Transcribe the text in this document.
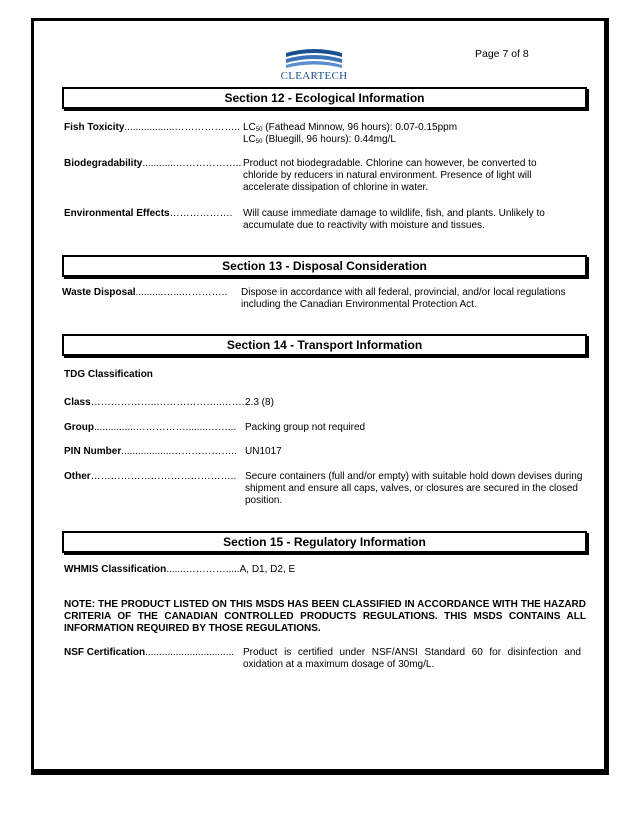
Page 7 of 8
CLEARTECH
Section 12 - Ecological Information
Fish Toxicity..................……………….. $LC_{50}$ (Fathead Minnow, 96 hours): 0.07-0.15ppm
$LC_{50}$ (Bluegill, 96 hours): 0.44mg/L
Biodegradability............……………….. Product not biodegradable. Chlorine can however, be converted to chloride by reducers in natural environment. Presence of light will accelerate dissipation of chlorine in water.
Environmental Effects………………. Will cause immediate damage to wildlife, fish, and plants. Unlikely to accumulate due to reactivity with moisture and tissues.
Section 13 - Disposal Consideration
Waste Disposal..........…...………….. Dispose in accordance with all federal, provincial, and/or local regulations including the Canadian Environmental Protection Act.
Section 14 - Transport Information
TDG Classification
Class………………..………………..……..
2.3 (8)
Group...............……………........……... Packing group not required
PIN Number..................……………….. UN1017
Other…………………………………….. Secure containers (full and/or empty) with suitable hold down devises during shipment and ensure all caps, valves, or closures are secured in the closed position.
Section 15 - Regulatory Information
WHMIS Classification.......………….....A, D1, D2, E
NOTE: THE PRODUCT LISTED ON THIS MSDS HAS BEEN CLASSIFIED IN ACCORDANCE WITH THE HAZARD CRITERIA OF THE CANADIAN CONTROLLED PRODUCTS REGULATIONS. THIS MSDS CONTAINS ALL INFORMATION REQUIRED BY THOSE REGULATIONS.
NSF Certification................................ Product is certified under NSF/ANSI Standard 60 for disinfection and oxidation at a maximum dosage of 30mg/L.
